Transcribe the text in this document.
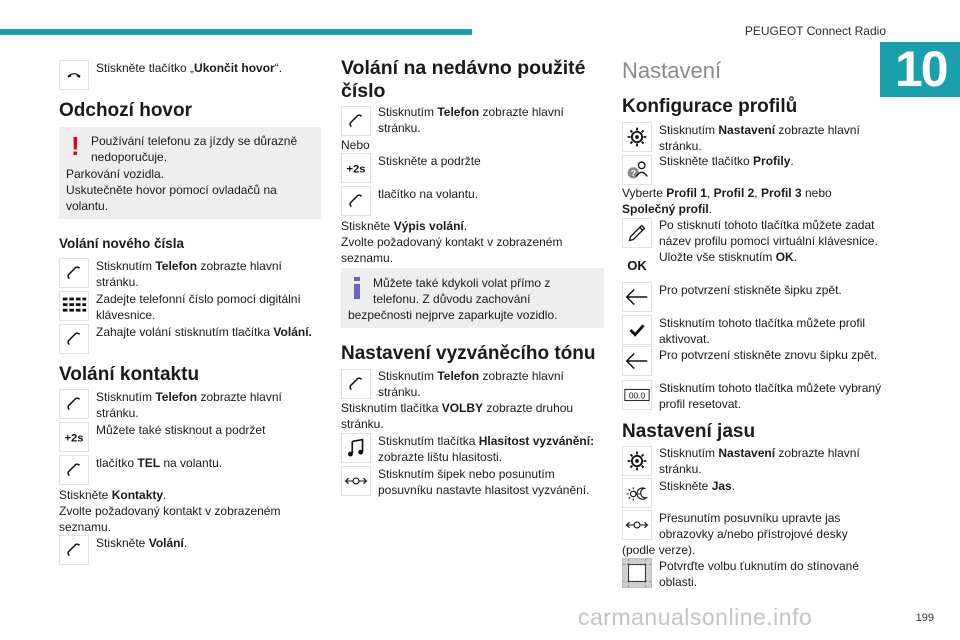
PEUGEOT Connect Radio
10
Stiskněte tlačítko „Ukončit hovor“.
Odchozí hovor
! Používání telefonu za jízdy se důrazně
nedoporučuje.
Parkování vozidla.
Uskutečněte hovor pomocí ovladačů na
volantu.
Volání nového čísla
Stisknutím Telefon zobrazte hlavní
stránku.
Zadejte telefonní číslo pomocí digitální
klávesnice.
Zahajte volání stisknutím tlačítka Volání.
Volání kontaktu
Stisknutím Telefon zobrazte hlavní
stránku.
+2s
Můžete také stisknout a podržet
tlačítko TEL na volantu.
Stiskněte Kontakty.
Zvolte požadovaný kontakt v zobrazeném
seznamu.
Stiskněte Volání.
Volání na nedávno použité
číslo
Stisknutím Telefon zobrazte hlavní
stránku.
Nebo
+2s
Stiskněte a podržte
tlačítko na volantu.
Stiskněte Výpis volání.
Zvolte požadovaný kontakt v zobrazeném
seznamu.
Můžete také kdykoli volat přímo z
telefonu. Z důvodu zachování
bezpečnosti nejprve zaparkujte vozidlo.
Nastavení vyzváněcího tónu
Stisknutím Telefon zobrazte hlavní
stránku.
Stisknutím tlačítka VOLBY zobrazte druhou
stránku.
Stisknutím tlačítka Hlasitost vyzvánění:
zobrazte lištu hlasitosti.
Stisknutím šipek nebo posunutím
posuvníku nastavte hlasitost vyzvánění.
Nastavení
Konfigurace profilů
Stisknutím Nastavení zobrazte hlavní
stránku.
?
Stiskněte tlačítko Profily.
Vyberte Profil 1, Profil 2, Profil 3 nebo
Společný profil.
Po stisknutí tohoto tlačítka můžete zadat
název profilu pomocí virtuální klávesnice.
OK
Uložte vše stisknutím OK.
Pro potvrzení stiskněte šipku zpět.
Stisknutím tohoto tlačítka můžete profil
aktivovat.
Pro potvrzení stiskněte znovu šipku zpět.
00.0
Stisknutím tohoto tlačítka můžete vybraný
profil resetovat.
Nastavení jasu
Stisknutím Nastavení zobrazte hlavní
stránku.
Stiskněte Jas.
Přesunutím posuvníku upravte jas
obrazovky a/nebo přístrojové desky
(podle verze).
Potvrďte volbu ťuknutím do stínované
oblasti.
carmanualsonline.info	199
